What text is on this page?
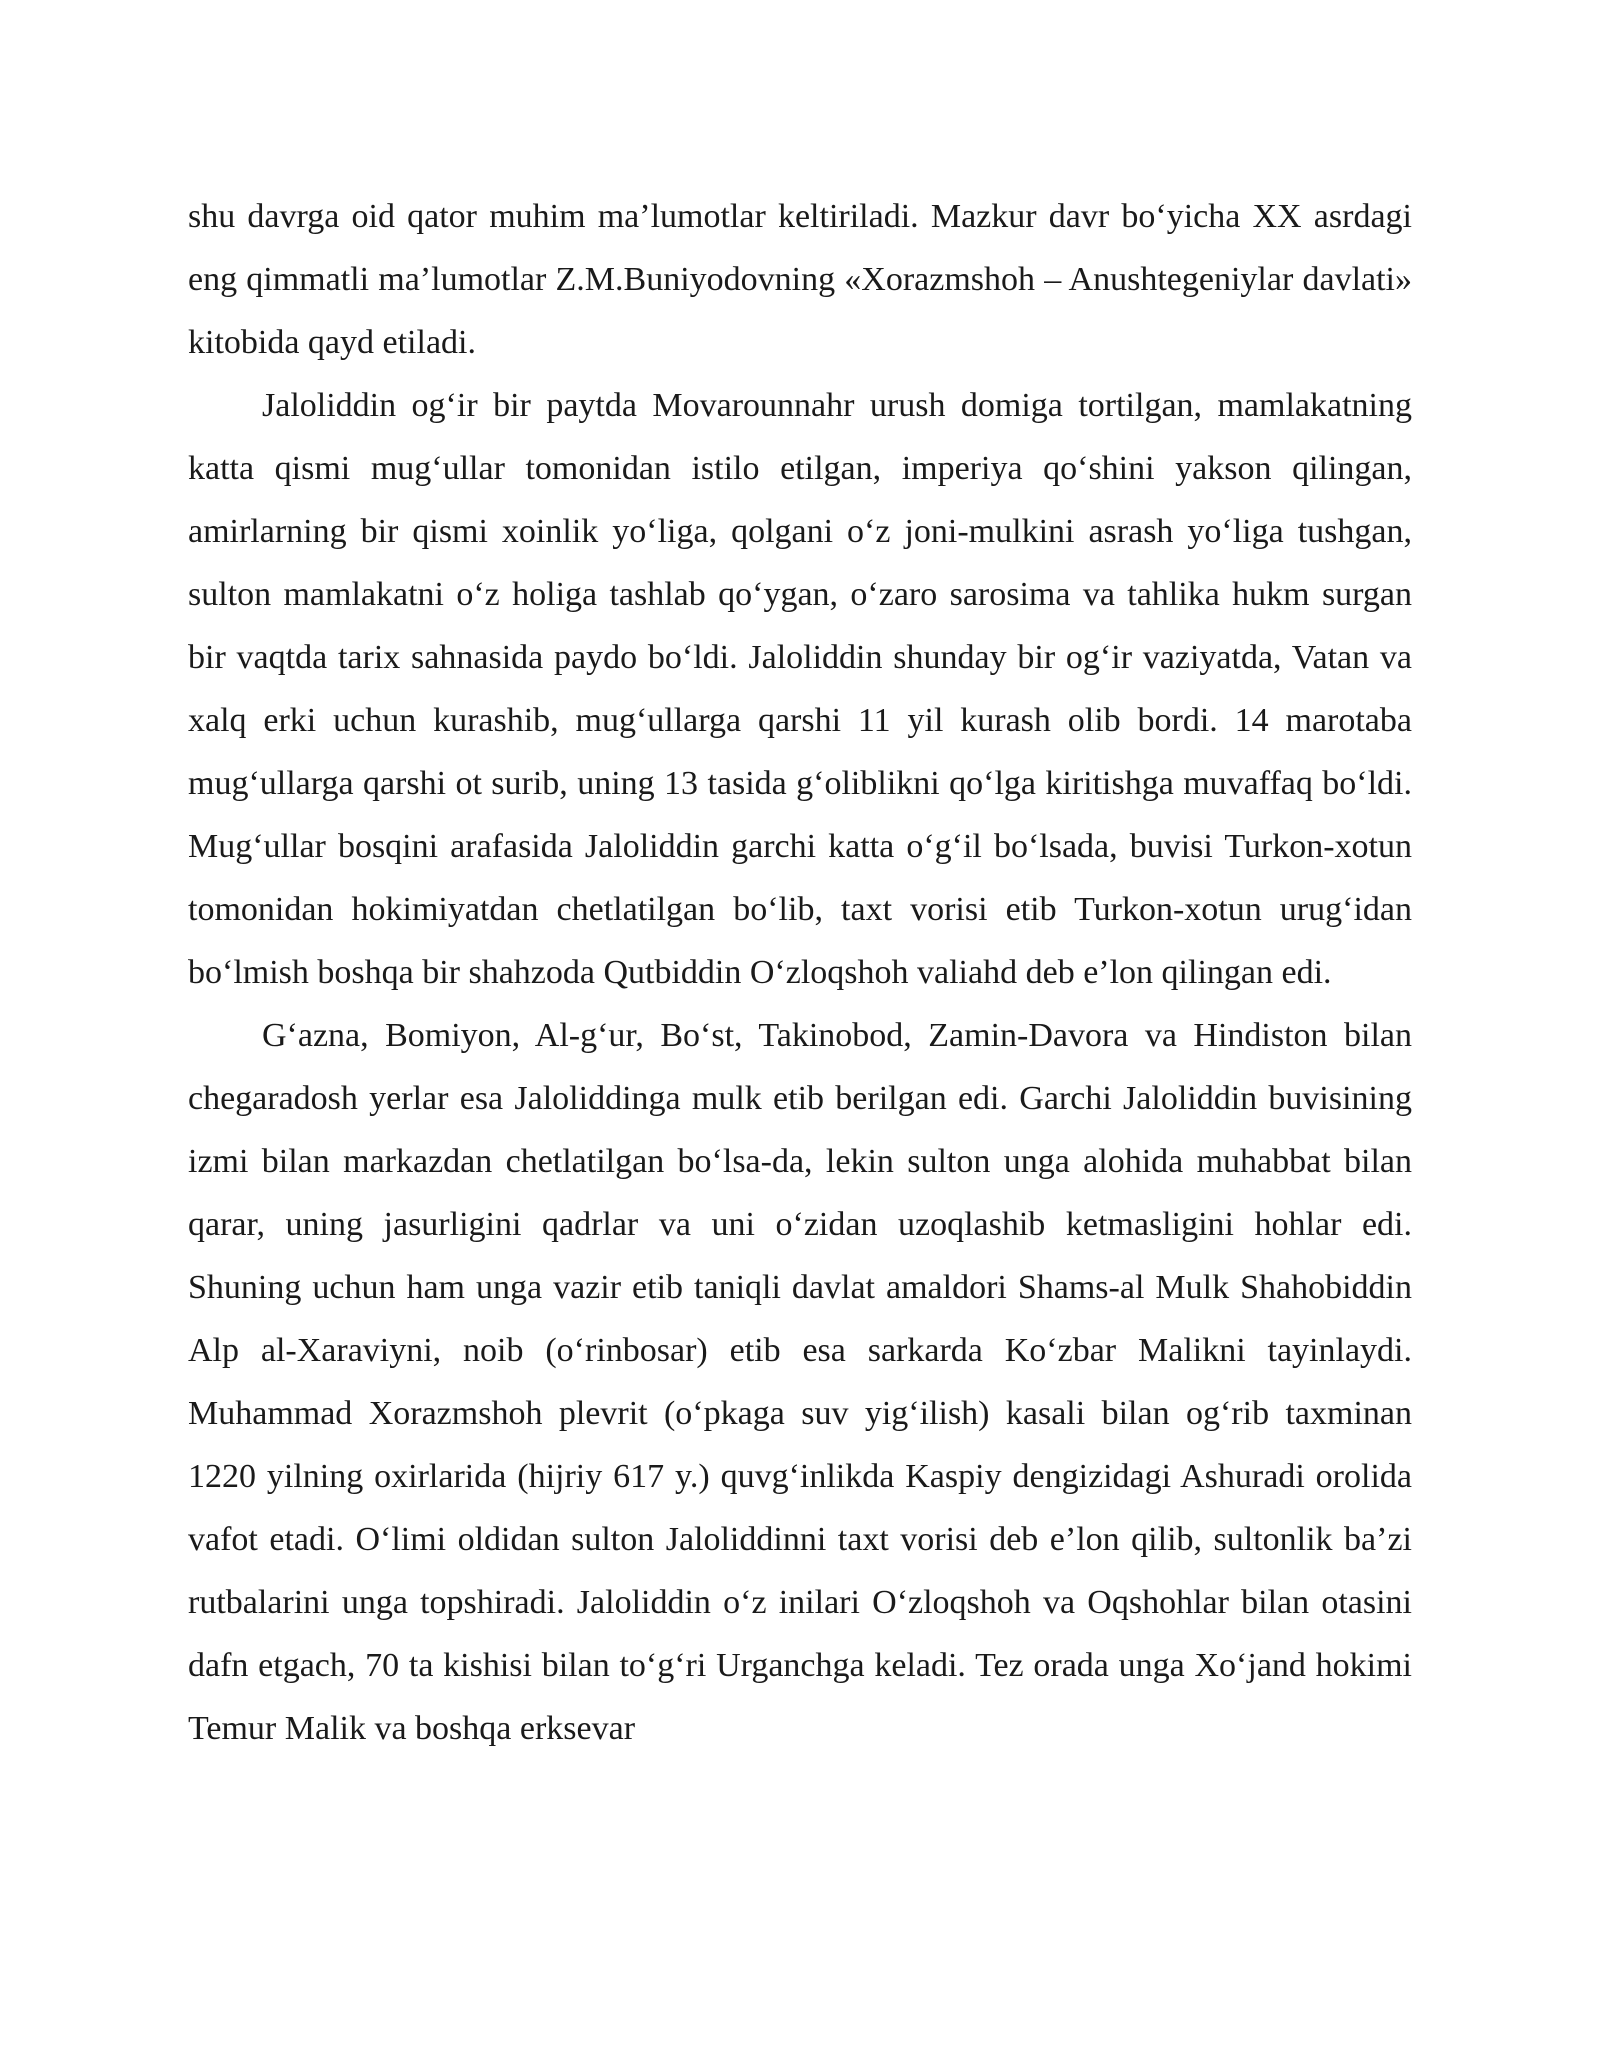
shu davrga oid qator muhim ma’lumotlar keltiriladi. Mazkur davr bo‘yicha XX asrdagi eng qimmatli ma’lumotlar Z.M.Buniyodovning «Xorazmshoh – Anushtegeniylar davlati» kitobida qayd etiladi.

Jaloliddin og‘ir bir paytda Movarounnahr urush domiga tortilgan, mamlakatning katta qismi mug‘ullar tomonidan istilo etilgan, imperiya qo‘shini yakson qilingan, amirlarning bir qismi xoinlik yo‘liga, qolgani o‘z joni-mulkini asrash yo‘liga tushgan, sulton mamlakatni o‘z holiga tashlab qo‘ygan, o‘zaro sarosima va tahlika hukm surgan bir vaqtda tarix sahnasida paydo bo‘ldi. Jaloliddin shunday bir og‘ir vaziyatda, Vatan va xalq erki uchun kurashib, mug‘ullarga qarshi 11 yil kurash olib bordi. 14 marotaba mug‘ullarga qarshi ot surib, uning 13 tasida g‘oliblikni qo‘lga kiritishga muvaffaq bo‘ldi. Mug‘ullar bosqini arafasida Jaloliddin garchi katta o‘g‘il bo‘lsada, buvisi Turkon-xotun tomonidan hokimiyatdan chetlatilgan bo‘lib, taxt vorisi etib Turkon-xotun urug‘idan bo‘lmish boshqa bir shahzoda Qutbiddin O‘zloqshoh valiahd deb e’lon qilingan edi.

G‘azna, Bomiyon, Al-g‘ur, Bo‘st, Takinobod, Zamin-Davora va Hindiston bilan chegaradosh yerlar esa Jaloliddinga mulk etib berilgan edi. Garchi Jaloliddin buvisining izmi bilan markazdan chetlatilgan bo‘lsa-da, lekin sulton unga alohida muhabbat bilan qarar, uning jasurligini qadrlar va uni o‘zidan uzoqlashib ketmasligini hohlar edi. Shuning uchun ham unga vazir etib taniqli davlat amaldori Shams-al Mulk Shahobiddin Alp al-Xaraviyni, noib (o‘rinbosar) etib esa sarkarda Ko‘zbar Malikni tayinlaydi. Muhammad Xorazmshoh plevrit (o‘pkaga suv yig‘ilish) kasali bilan og‘rib taxminan 1220 yilning oxirlarida (hijriy 617 y.) quvg‘inlikda Kaspiy dengizidagi Ashuradi orolida vafot etadi. O‘limi oldidan sulton Jaloliddinni taxt vorisi deb e’lon qilib, sultonlik ba’zi rutbalarini unga topshiradi. Jaloliddin o‘z inilari O‘zloqshoh va Oqshohlar bilan otasini dafn etgach, 70 ta kishisi bilan to‘g‘ri Urganchga keladi. Tez orada unga Xo‘jand hokimi Temur Malik va boshqa erksevar
